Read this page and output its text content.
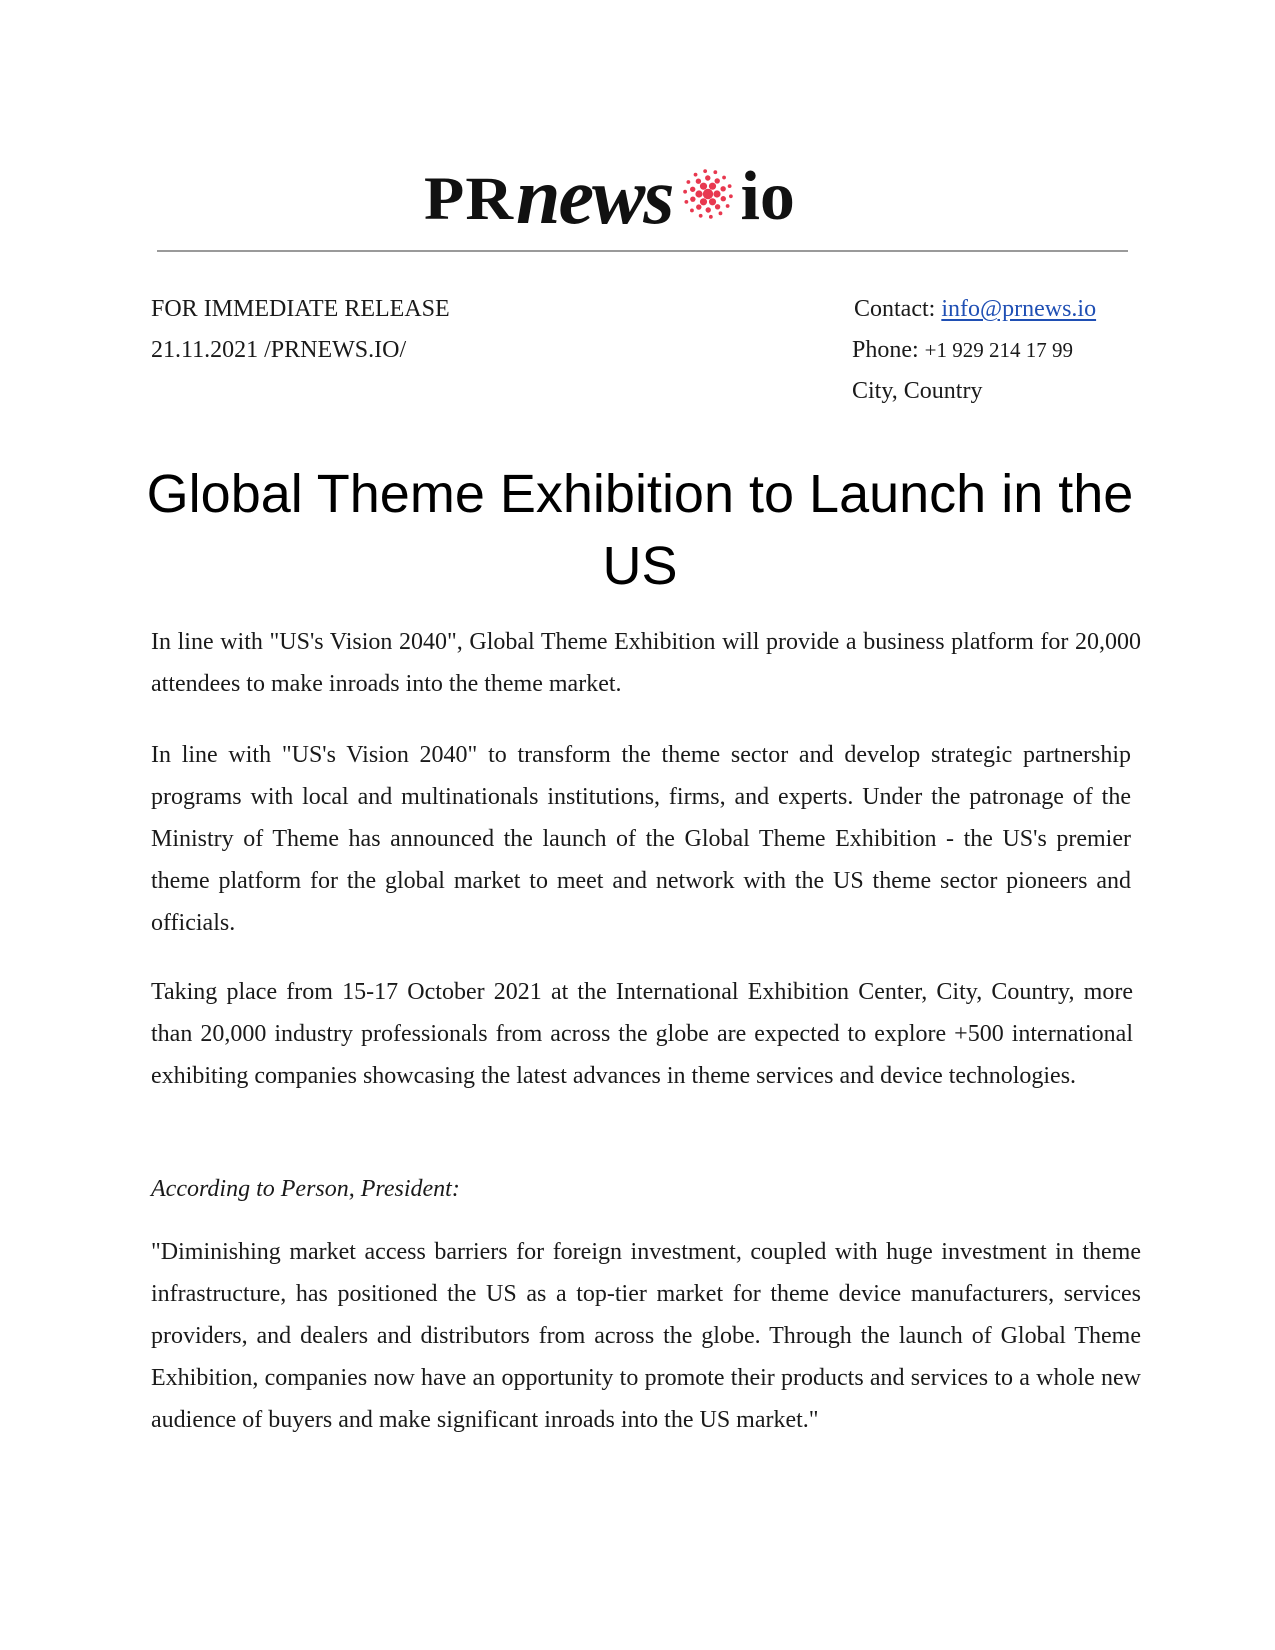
PR news io
FOR IMMEDIATE RELEASE
21.11.2021 /PRNEWS.IO/
Contact: info@prnews.io
Phone: +1 929 214 17 99
City, Country
Global Theme Exhibition to Launch in the US

In line with "US's Vision 2040", Global Theme Exhibition will provide a business platform for 20,000 attendees to make inroads into the theme market.

In line with "US's Vision 2040" to transform the theme sector and develop strategic partnership programs with local and multinationals institutions, firms, and experts. Under the patronage of the Ministry of Theme has announced the launch of the Global Theme Exhibition - the US's premier theme platform for the global market to meet and network with the US theme sector pioneers and officials.

Taking place from 15-17 October 2021 at the International Exhibition Center, City, Country, more than 20,000 industry professionals from across the globe are expected to explore +500 international exhibiting companies showcasing the latest advances in theme services and device technologies.

According to Person, President:

"Diminishing market access barriers for foreign investment, coupled with huge investment in theme infrastructure, has positioned the US as a top-tier market for theme device manufacturers, services providers, and dealers and distributors from across the globe. Through the launch of Global Theme Exhibition, companies now have an opportunity to promote their products and services to a whole new audience of buyers and make significant inroads into the US market."
